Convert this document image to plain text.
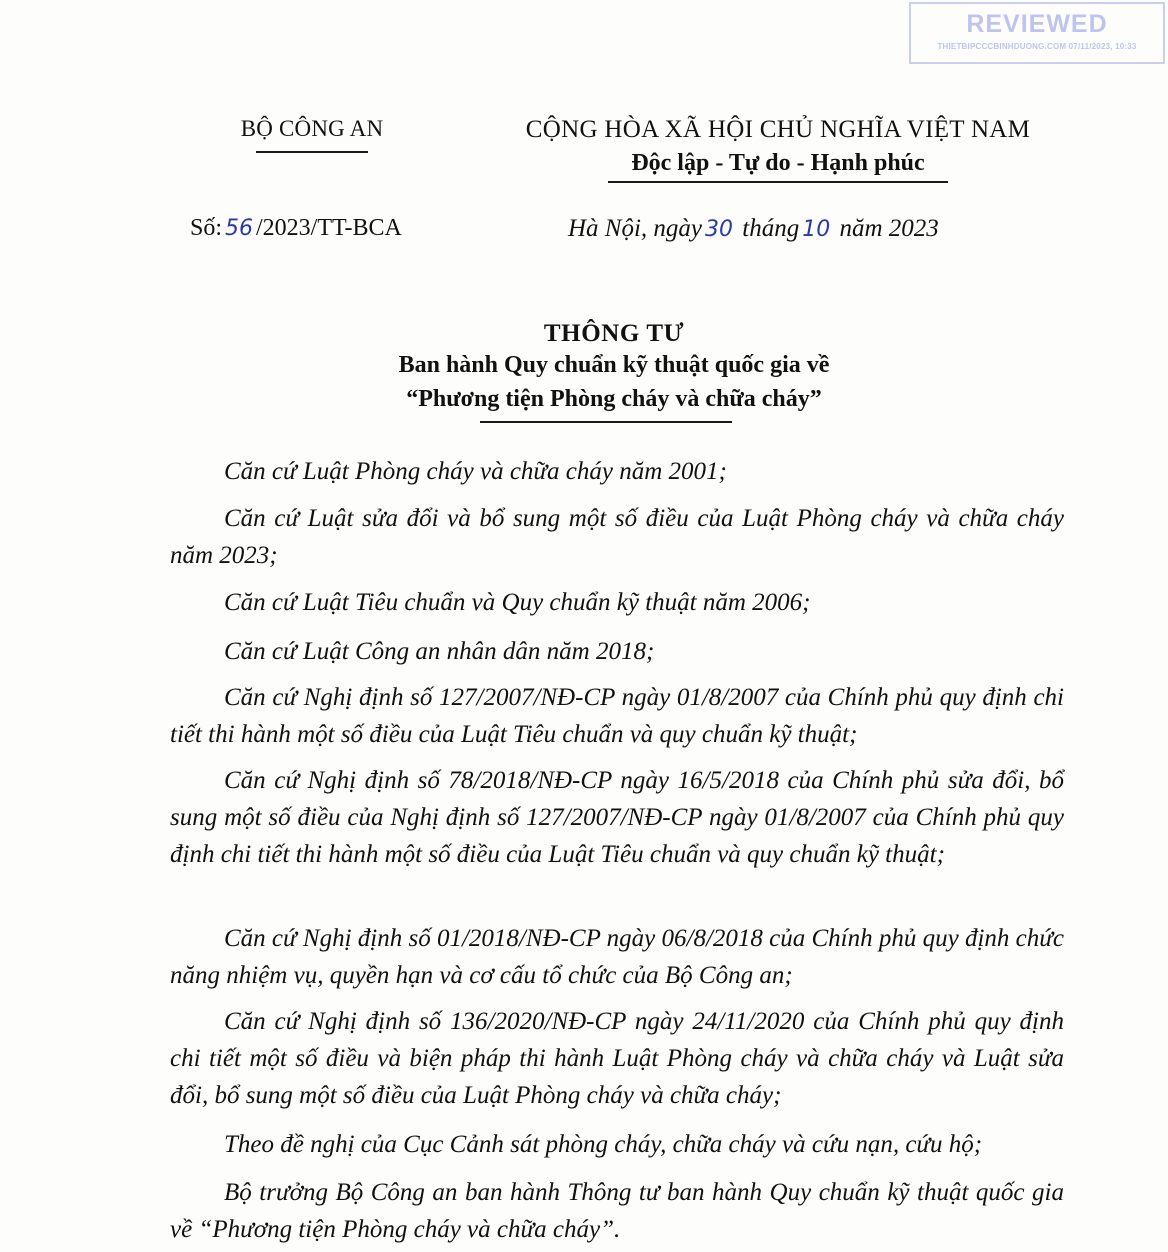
REVIEWED
THIETBIPCCCBINHDUONG.COM 07/11/2023, 10:33
BỘ CÔNG AN	CỘNG HÒA XÃ HỘI CHỦ NGHĨA VIỆT NAM
Độc lập - Tự do - Hạnh phúc
Số: 56 /2023/TT-BCA	Hà Nội, ngày 30 tháng 10 năm 2023
THÔNG TƯ
Ban hành Quy chuẩn kỹ thuật quốc gia về
“Phương tiện Phòng cháy và chữa cháy”

Căn cứ Luật Phòng cháy và chữa cháy năm 2001;

Căn cứ Luật sửa đổi và bổ sung một số điều của Luật Phòng cháy và chữa cháy năm 2023;

Căn cứ Luật Tiêu chuẩn và Quy chuẩn kỹ thuật năm 2006;

Căn cứ Luật Công an nhân dân năm 2018;

Căn cứ Nghị định số 127/2007/NĐ-CP ngày 01/8/2007 của Chính phủ quy định chi tiết thi hành một số điều của Luật Tiêu chuẩn và quy chuẩn kỹ thuật;

Căn cứ Nghị định số 78/2018/NĐ-CP ngày 16/5/2018 của Chính phủ sửa đổi, bổ sung một số điều của Nghị định số 127/2007/NĐ-CP ngày 01/8/2007 của Chính phủ quy định chi tiết thi hành một số điều của Luật Tiêu chuẩn và quy chuẩn kỹ thuật;

Căn cứ Nghị định số 01/2018/NĐ-CP ngày 06/8/2018 của Chính phủ quy định chức năng nhiệm vụ, quyền hạn và cơ cấu tổ chức của Bộ Công an;

Căn cứ Nghị định số 136/2020/NĐ-CP ngày 24/11/2020 của Chính phủ quy định chi tiết một số điều và biện pháp thi hành Luật Phòng cháy và chữa cháy và Luật sửa đổi, bổ sung một số điều của Luật Phòng cháy và chữa cháy;

Theo đề nghị của Cục Cảnh sát phòng cháy, chữa cháy và cứu nạn, cứu hộ;

Bộ trưởng Bộ Công an ban hành Thông tư ban hành Quy chuẩn kỹ thuật quốc gia về “Phương tiện Phòng cháy và chữa cháy”.
